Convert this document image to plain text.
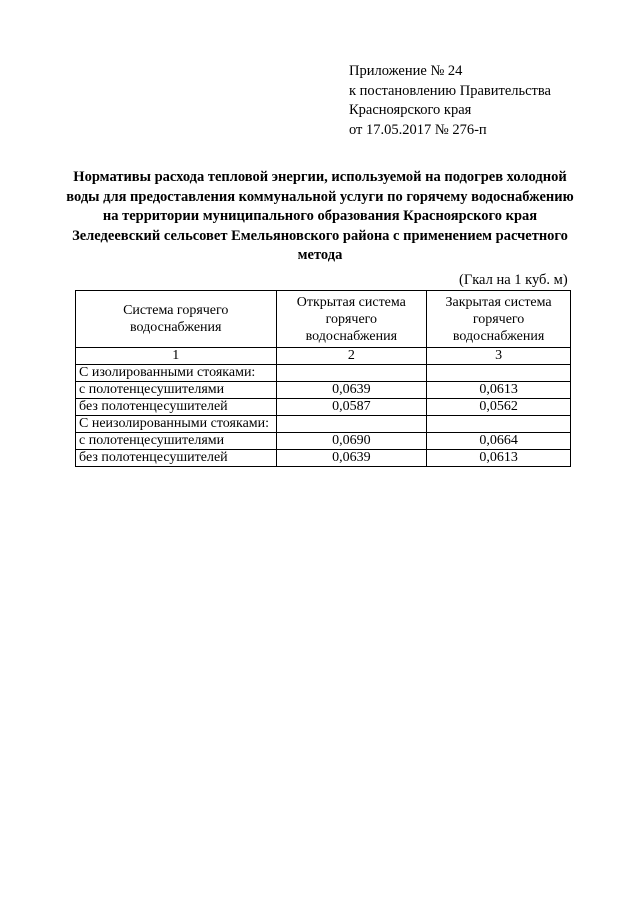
Приложение № 24
к постановлению Правительства
Красноярского края
от 17.05.2017 № 276-п
Нормативы расхода тепловой энергии, используемой на подогрев холодной воды для предоставления коммунальной услуги по горячему водоснабжению на территории муниципального образования Красноярского края Зеледеевский сельсовет Емельяновского района с применением расчетного метода
(Гкал на 1 куб. м)
Система горячего водоснабжения	Открытая система горячего водоснабжения	Закрытая система горячего водоснабжения
1	2	3
С изолированными стояками:		
с полотенцесушителями	0,0639	0,0613
без полотенцесушителей	0,0587	0,0562
С неизолированными стояками:		
с полотенцесушителями	0,0690	0,0664
без полотенцесушителей	0,0639	0,0613
